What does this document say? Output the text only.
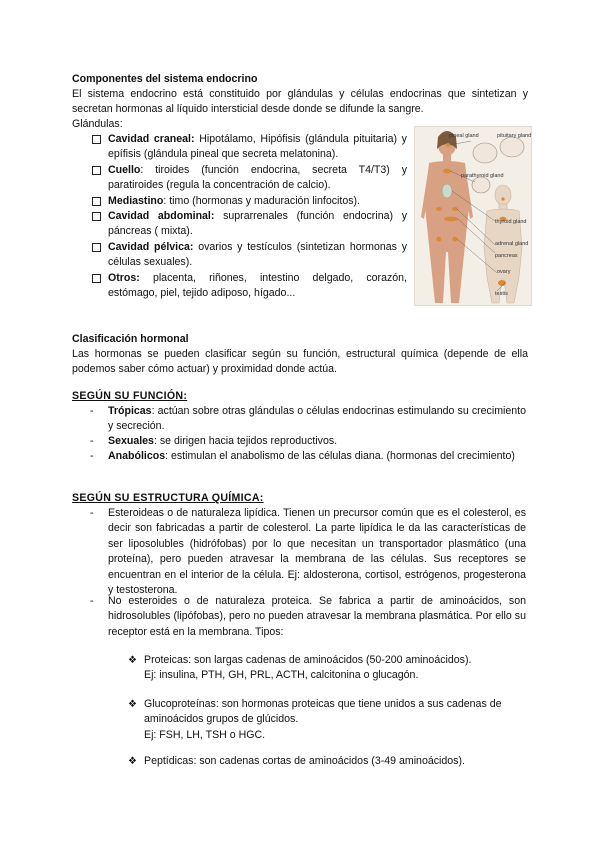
Componentes del sistema endocrino
El sistema endocrino está constituido por glándulas y células endocrinas que sintetizan y
secretan hormonas al líquido intersticial desde donde se difunde la sangre.
Glándulas:
Cavidad craneal: Hipotálamo, Hipófisis (glándula pituitaria) y epífisis (glándula pineal que secreta melatonina).
Cuello: tiroides (función endocrina, secreta T4/T3) y paratiroides (regula la concentración de calcio).
Mediastino: timo (hormonas y maduración linfocitos).
Cavidad abdominal: suprarrenales (función endocrina) y páncreas ( mixta).
Cavidad pélvica: ovarios y testículos (sintetizan hormonas y células sexuales).
Otros: placenta, riñones, intestino delgado, corazón, estómago, piel, tejido adiposo, hígado...
pineal gland	pituitary gland
parathyroid gland
thyroid gland
adrenal gland
pancreas
ovary
testis
Clasificación hormonal
Las hormonas se pueden clasificar según su función, estructural química (depende de ella
podemos saber cómo actuar) y proximidad donde actúa.
SEGÚN SU FUNCIÓN:
- Trópicas: actúan sobre otras glándulas o células endocrinas estimulando su crecimiento y secreción.
- Sexuales: se dirigen hacia tejidos reproductivos.
- Anabólicos: estimulan el anabolismo de las células diana. (hormonas del crecimiento)
SEGÚN SU ESTRUCTURA QUÍMICA:
- Esteroideas o de naturaleza lipídica. Tienen un precursor común que es el colesterol, es decir son fabricadas a partir de colesterol. La parte lipídica le da las características de ser liposolubles (hidrófobas) por lo que necesitan un transportador plasmático (una proteína), pero pueden atravesar la membrana de las células. Sus receptores se encuentran en el interior de la célula. Ej: aldosterona, cortisol, estrógenos, progesterona y testosterona.
- No esteroides o de naturaleza proteica. Se fabrica a partir de aminoácidos, son hidrosolubles (lipófobas), pero no pueden atravesar la membrana plasmática. Por ello su receptor está en la membrana. Tipos:
❖ Proteicas: son largas cadenas de aminoácidos (50-200 aminoácidos).
Ej: insulina, PTH, GH, PRL, ACTH, calcitonina o glucagón.
❖ Glucoproteínas: son hormonas proteicas que tiene unidos a sus cadenas de aminoácidos grupos de glúcidos.
Ej: FSH, LH, TSH o HGC.
❖ Peptídicas: son cadenas cortas de aminoácidos (3-49 aminoácidos).
